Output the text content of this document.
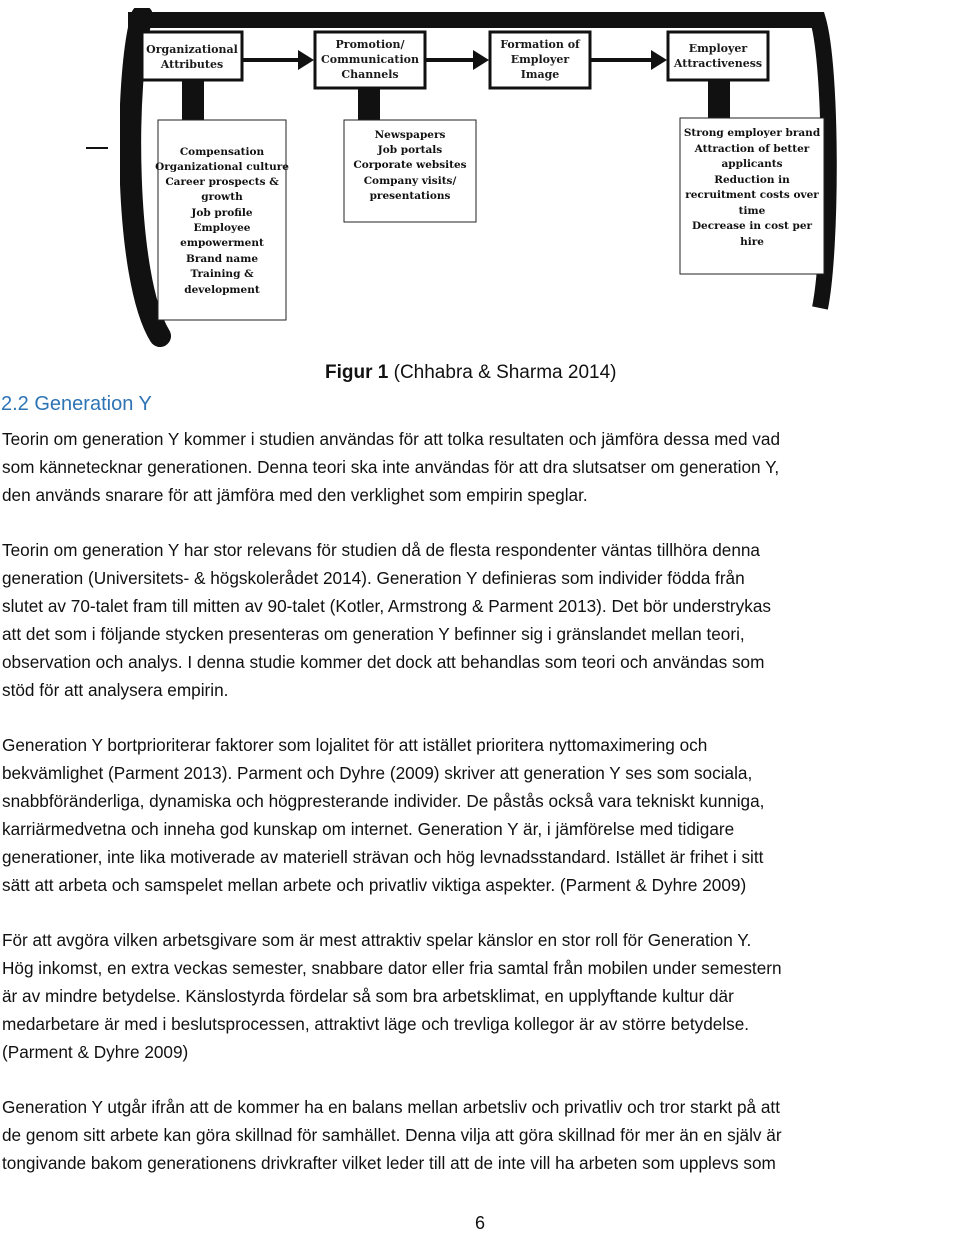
Organizational
Attributes
Promotion/
Communication
Channels
Formation of
Employer
Image
Employer
Attractiveness
Compensation
Organizational culture
Career prospects &
growth
Job profile
Employee
empowerment
Brand name
Training &
development
Newspapers
Job portals
Corporate websites
Company visits/
presentations
Strong employer brand
Attraction of better
applicants
Reduction in
recruitment costs over
time
Decrease in cost per
hire
Figur 1 (Chhabra & Sharma 2014)
2.2 Generation Y
Teorin om generation Y kommer i studien användas för att tolka resultaten och jämföra dessa med vad
som kännetecknar generationen. Denna teori ska inte användas för att dra slutsatser om generation Y,
den används snarare för att jämföra med den verklighet som empirin speglar.
Teorin om generation Y har stor relevans för studien då de flesta respondenter väntas tillhöra denna
generation (Universitets- & högskolerådet 2014). Generation Y definieras som individer födda från
slutet av 70-talet fram till mitten av 90-talet (Kotler, Armstrong & Parment 2013). Det bör understrykas
att det som i följande stycken presenteras om generation Y befinner sig i gränslandet mellan teori,
observation och analys. I denna studie kommer det dock att behandlas som teori och användas som
stöd för att analysera empirin.
Generation Y bortprioriterar faktorer som lojalitet för att istället prioritera nyttomaximering och
bekvämlighet (Parment 2013). Parment och Dyhre (2009) skriver att generation Y ses som sociala,
snabbföränderliga, dynamiska och högpresterande individer. De påstås också vara tekniskt kunniga,
karriärmedvetna och inneha god kunskap om internet. Generation Y är, i jämförelse med tidigare
generationer, inte lika motiverade av materiell strävan och hög levnadsstandard. Istället är frihet i sitt
sätt att arbeta och samspelet mellan arbete och privatliv viktiga aspekter. (Parment & Dyhre 2009)
För att avgöra vilken arbetsgivare som är mest attraktiv spelar känslor en stor roll för Generation Y.
Hög inkomst, en extra veckas semester, snabbare dator eller fria samtal från mobilen under semestern
är av mindre betydelse. Känslostyrda fördelar så som bra arbetsklimat, en upplyftande kultur där
medarbetare är med i beslutsprocessen, attraktivt läge och trevliga kollegor är av större betydelse.
(Parment & Dyhre 2009)
Generation Y utgår ifrån att de kommer ha en balans mellan arbetsliv och privatliv och tror starkt på att
de genom sitt arbete kan göra skillnad för samhället. Denna vilja att göra skillnad för mer än en själv är
tongivande bakom generationens drivkrafter vilket leder till att de inte vill ha arbeten som upplevs som
6
